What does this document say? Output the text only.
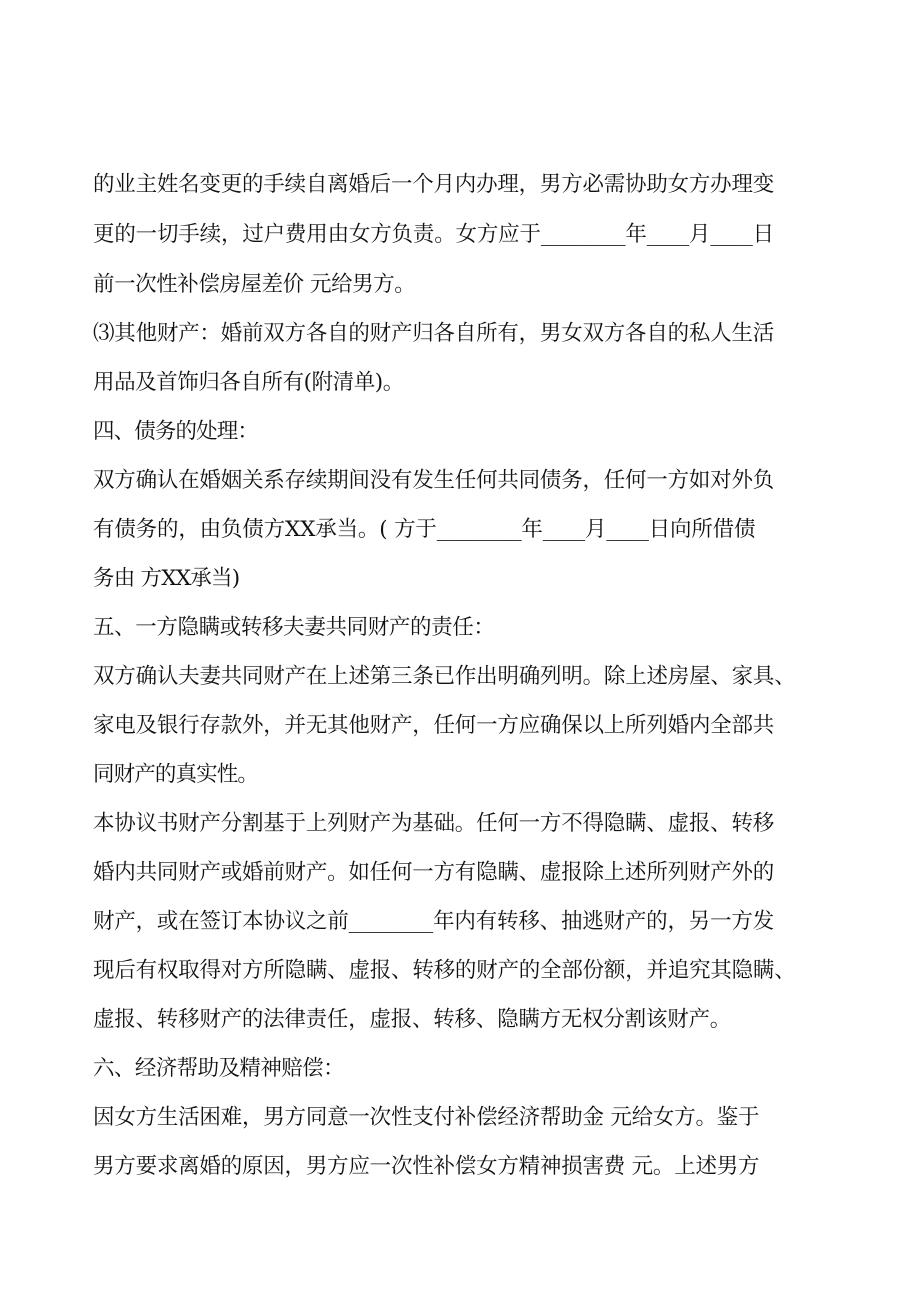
的业主姓名变更的手续自离婚后一个月内办理，男方必需协助女方办理变
更的一切手续，过户费用由女方负责。女方应于________年____月____日
前一次性补偿房屋差价 元给男方。
⑶其他财产：婚前双方各自的财产归各自所有，男女双方各自的私人生活
用品及首饰归各自所有(附清单)。
四、债务的处理：
双方确认在婚姻关系存续期间没有发生任何共同债务，任何一方如对外负
有债务的，由负债方XX承当。( 方于________年____月____日向所借债
务由 方XX承当)
五、一方隐瞒或转移夫妻共同财产的责任：
双方确认夫妻共同财产在上述第三条已作出明确列明。除上述房屋、家具、
家电及银行存款外，并无其他财产，任何一方应确保以上所列婚内全部共
同财产的真实性。
本协议书财产分割基于上列财产为基础。任何一方不得隐瞒、虚报、转移
婚内共同财产或婚前财产。如任何一方有隐瞒、虚报除上述所列财产外的
财产，或在签订本协议之前________年内有转移、抽逃财产的，另一方发
现后有权取得对方所隐瞒、虚报、转移的财产的全部份额，并追究其隐瞒、
虚报、转移财产的法律责任，虚报、转移、隐瞒方无权分割该财产。
六、经济帮助及精神赔偿：
因女方生活困难，男方同意一次性支付补偿经济帮助金 元给女方。鉴于
男方要求离婚的原因，男方应一次性补偿女方精神损害费 元。上述男方
